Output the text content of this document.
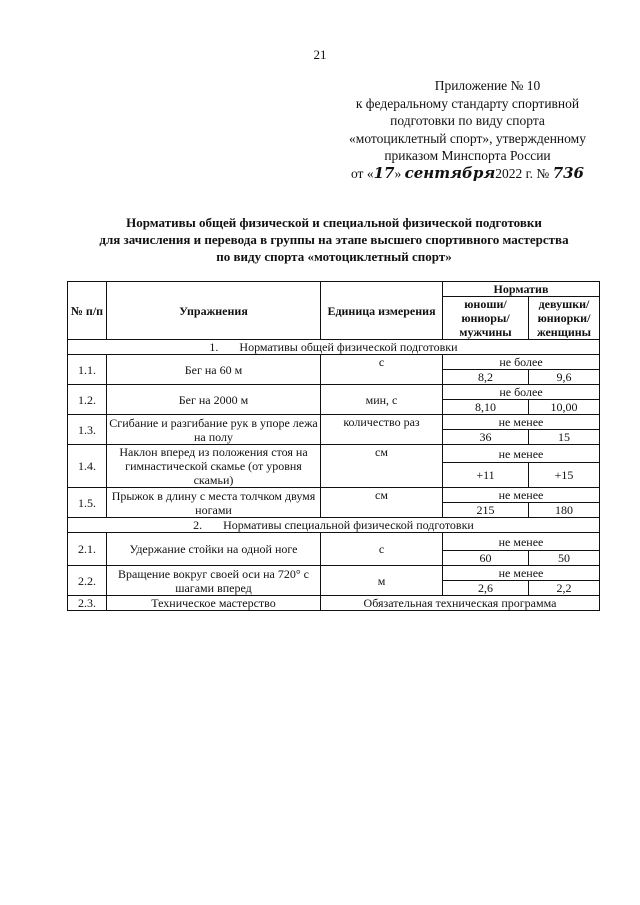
21
Приложение № 10
к федеральному стандарту спортивной
подготовки по виду спорта
«мотоциклетный спорт», утвержденному
приказом Минспорта России
от «17» сентября2022 г. № 736
Нормативы общей физической и специальной физической подготовки
для зачисления и перевода в группы на этапе высшего спортивного мастерства
по виду спорта «мотоциклетный спорт»
№ п/п	Упражнения	Единица измерения	Норматив	
			юноши/ юниоры/ мужчины	девушки/ юниорки/ женщины
1.       Нормативы общей физической подготовки				
1.1.	Бег на 60 м	с	не более	
			8,2	9,6
1.2.	Бег на 2000 м	мин, с	не более	
			8,10	10,00
1.3.	Сгибание и разгибание рук в упоре лежа на полу	количество раз	не менее	
			36	15
1.4.	Наклон вперед из положения стоя на гимнастической скамье (от уровня скамьи)	см	не менее	
			+11	+15
1.5.	Прыжок в длину с места толчком двумя ногами	см	не менее	
			215	180
2.       Нормативы специальной физической подготовки				
2.1.	Удержание стойки на одной ноге	с	не менее	
			60	50
2.2.	Вращение вокруг своей оси на 720° с шагами вперед	м	не менее	
			2,6	2,2
2.3.	Техническое мастерство	Обязательная техническая программа		
